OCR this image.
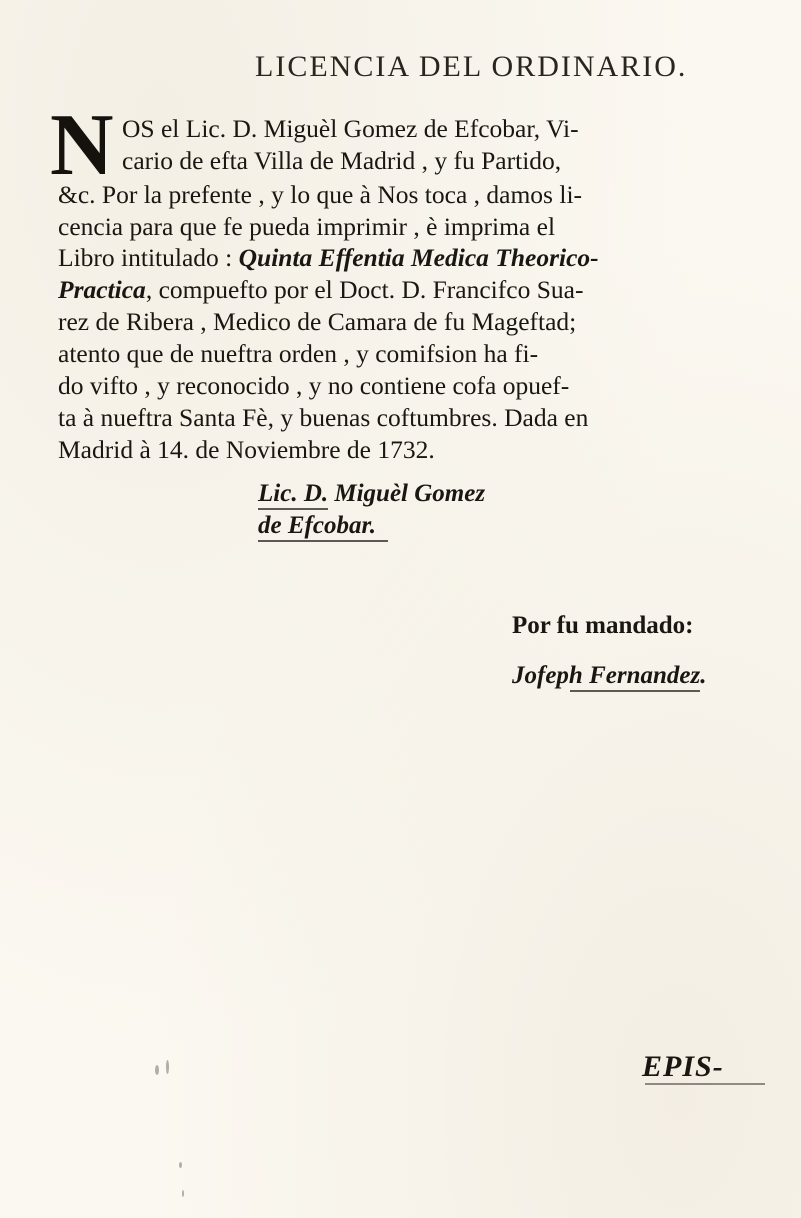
LICENCIA DEL ORDINARIO.
N OS el Lic. D. Miguèl Gomez de Efcobar, Vi-
cario de efta Villa de Madrid , y fu Partido,
&c. Por la prefente , y lo que à Nos toca , damos li-
cencia para que fe pueda imprimir , è imprima el
Libro intitulado : Quinta Effentia Medica Theorico-
Practica, compuefto por el Doct. D. Francifco Sua-
rez de Ribera , Medico de Camara de fu Mageftad;
atento que de nueftra orden , y comifsion ha fi-
do vifto , y reconocido , y no contiene cofa opuef-
ta à nueftra Santa Fè, y buenas coftumbres. Dada en
Madrid à 14. de Noviembre de 1732.
Lic. D. Miguèl Gomez
de Efcobar.
Por fu mandado:
Jofeph Fernandez.
EPIS-
